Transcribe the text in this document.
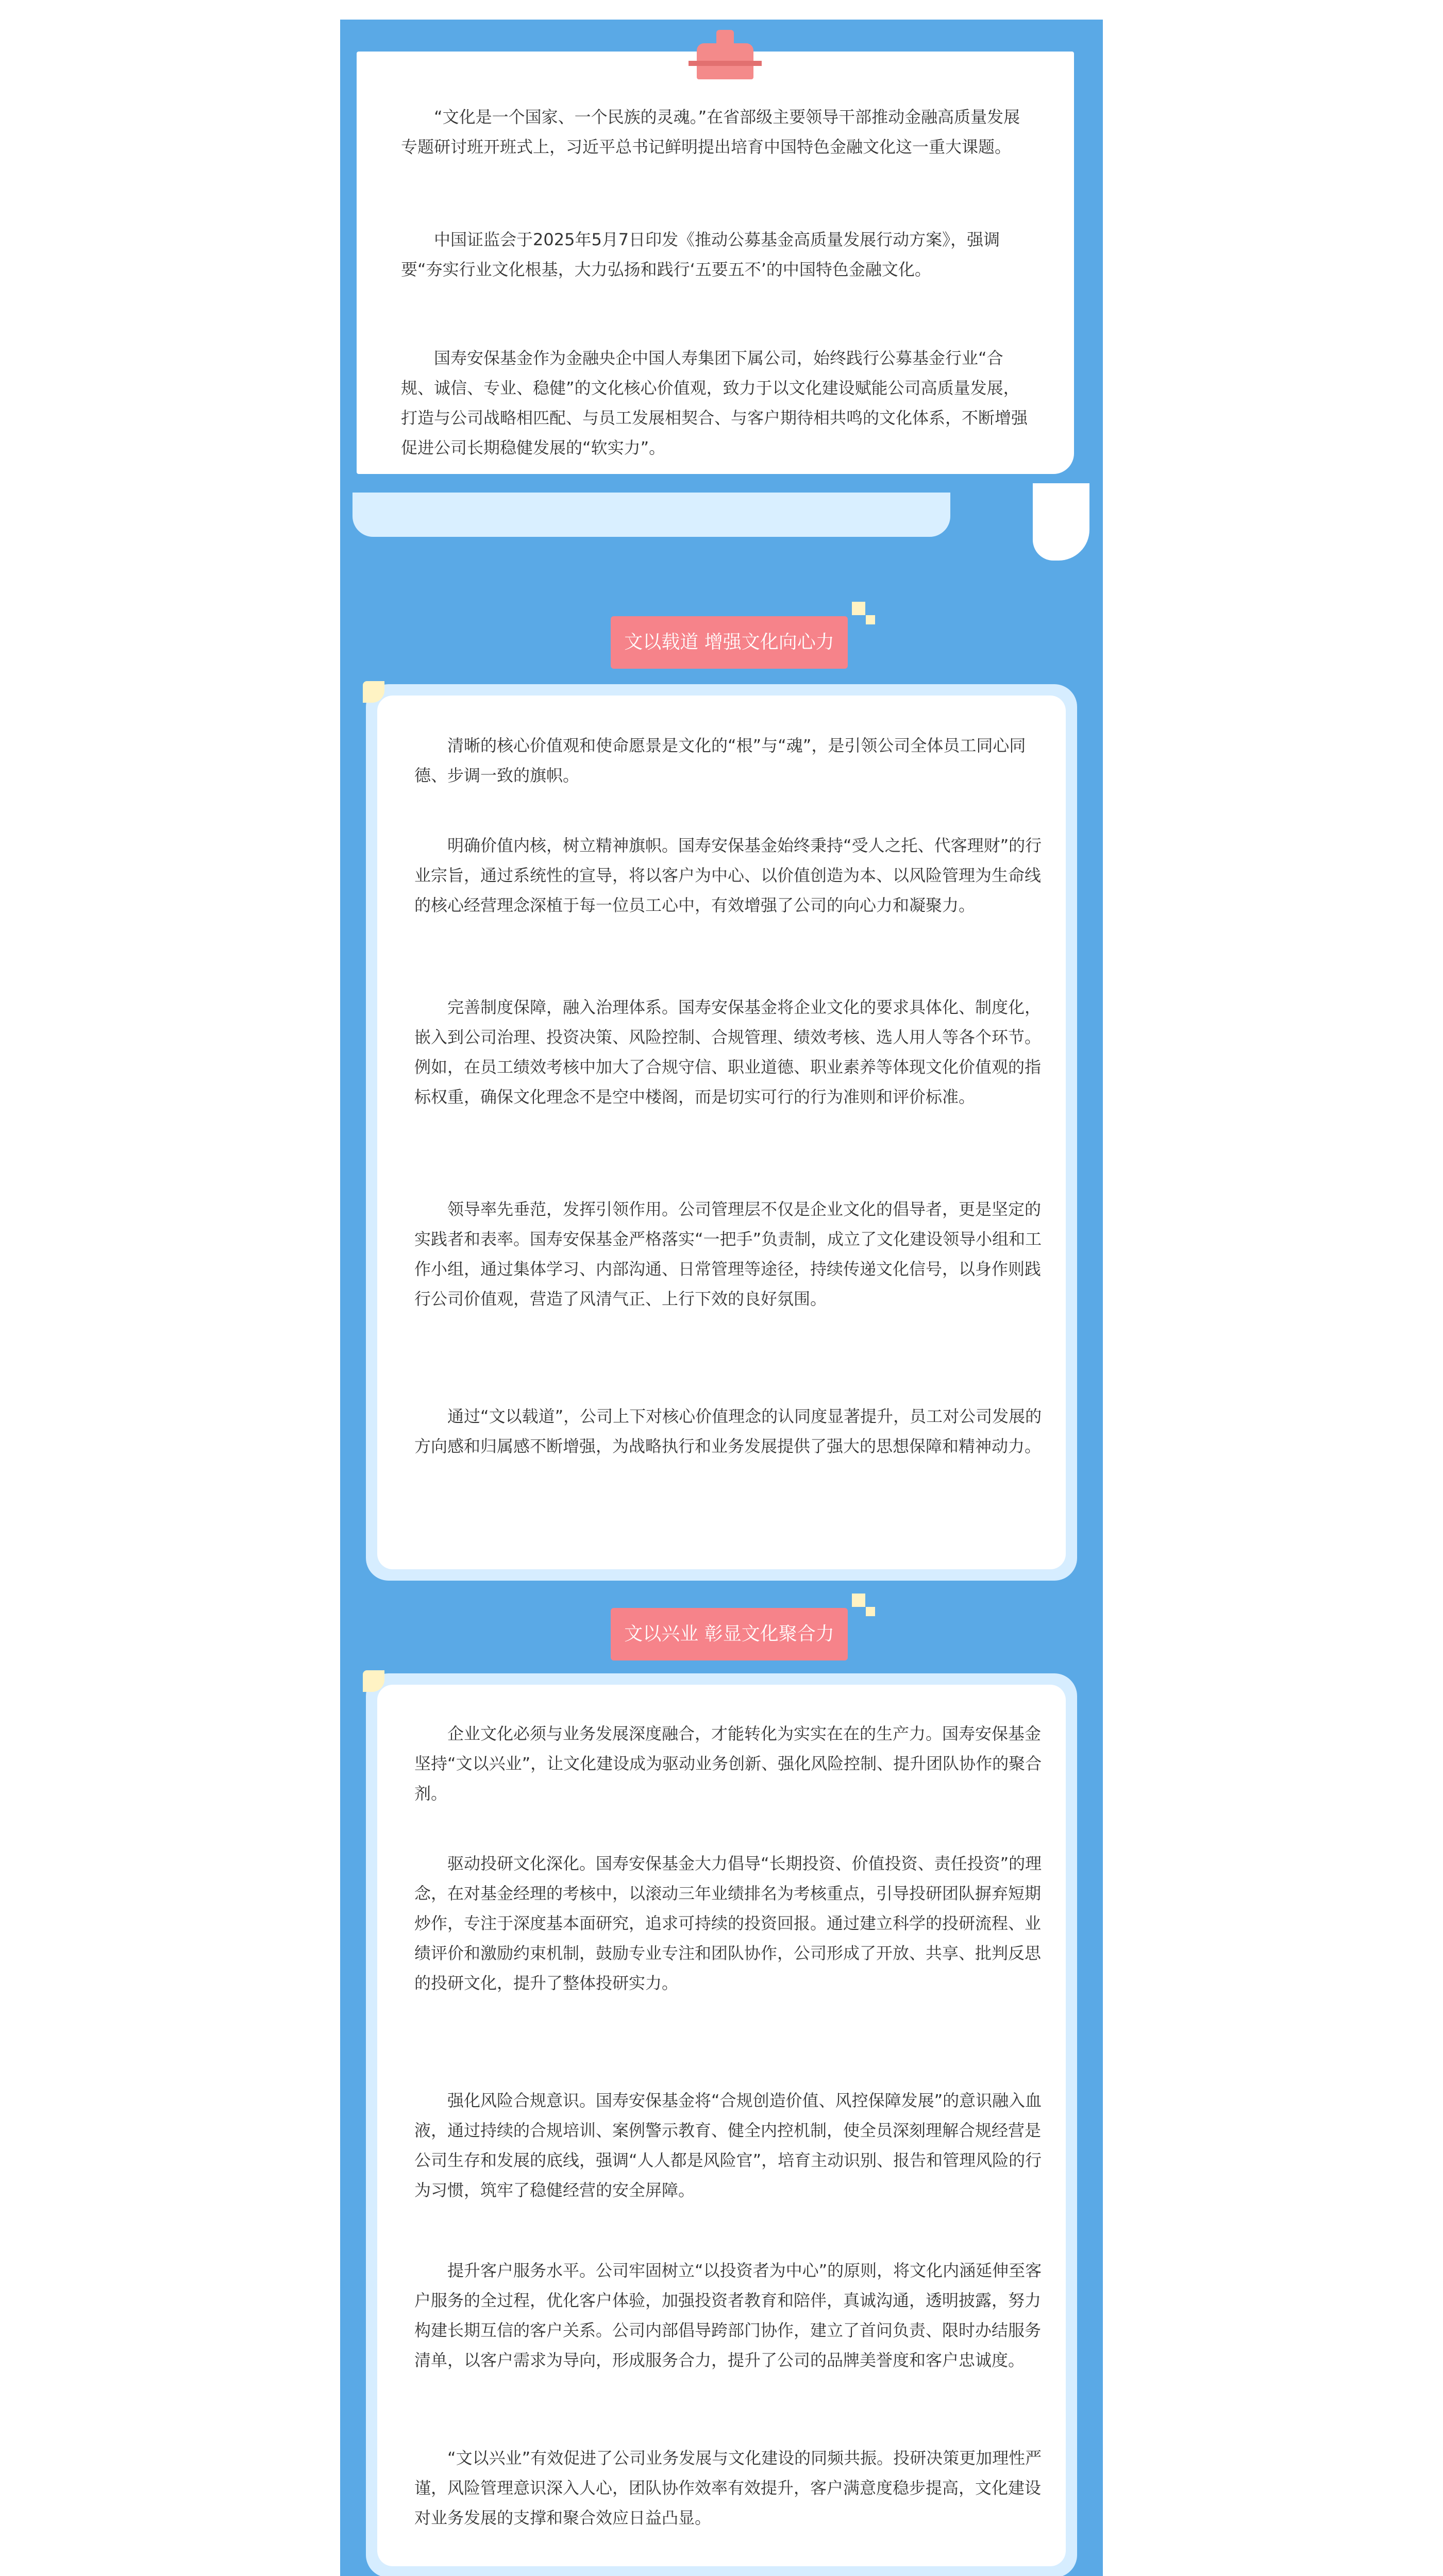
“文化是一个国家、一个民族的灵魂。”在省部级主要领导干部推动金融高质量发展专题研讨班开班式上，习近平总书记鲜明提出培育中国特色金融文化这一重大课题。

中国证监会于2025年5月7日印发《推动公募基金高质量发展行动方案》，强调要“夯实行业文化根基，大力弘扬和践行‘五要五不’的中国特色金融文化。

国寿安保基金作为金融央企中国人寿集团下属公司，始终践行公募基金行业“合规、诚信、专业、稳健”的文化核心价值观，致力于以文化建设赋能公司高质量发展，打造与公司战略相匹配、与员工发展相契合、与客户期待相共鸣的文化体系，不断增强促进公司长期稳健发展的“软实力”。

文以载道 增强文化向心力

清晰的核心价值观和使命愿景是文化的“根”与“魂”，是引领公司全体员工同心同德、步调一致的旗帜。

明确价值内核，树立精神旗帜。国寿安保基金始终秉持“受人之托、代客理财”的行业宗旨，通过系统性的宣导，将以客户为中心、以价值创造为本、以风险管理为生命线的核心经营理念深植于每一位员工心中，有效增强了公司的向心力和凝聚力。

完善制度保障，融入治理体系。国寿安保基金将企业文化的要求具体化、制度化，嵌入到公司治理、投资决策、风险控制、合规管理、绩效考核、选人用人等各个环节。例如，在员工绩效考核中加大了合规守信、职业道德、职业素养等体现文化价值观的指标权重，确保文化理念不是空中楼阁，而是切实可行的行为准则和评价标准。

领导率先垂范，发挥引领作用。公司管理层不仅是企业文化的倡导者，更是坚定的实践者和表率。国寿安保基金严格落实“一把手”负责制，成立了文化建设领导小组和工作小组，通过集体学习、内部沟通、日常管理等途径，持续传递文化信号，以身作则践行公司价值观，营造了风清气正、上行下效的良好氛围。

通过“文以载道”，公司上下对核心价值理念的认同度显著提升，员工对公司发展的方向感和归属感不断增强，为战略执行和业务发展提供了强大的思想保障和精神动力。

文以兴业 彰显文化聚合力

企业文化必须与业务发展深度融合，才能转化为实实在在的生产力。国寿安保基金坚持“文以兴业”，让文化建设成为驱动业务创新、强化风险控制、提升团队协作的聚合剂。

驱动投研文化深化。国寿安保基金大力倡导“长期投资、价值投资、责任投资”的理念，在对基金经理的考核中，以滚动三年业绩排名为考核重点，引导投研团队摒弃短期炒作，专注于深度基本面研究，追求可持续的投资回报。通过建立科学的投研流程、业绩评价和激励约束机制，鼓励专业专注和团队协作，公司形成了开放、共享、批判反思的投研文化，提升了整体投研实力。

强化风险合规意识。国寿安保基金将“合规创造价值、风控保障发展”的意识融入血液，通过持续的合规培训、案例警示教育、健全内控机制，使全员深刻理解合规经营是公司生存和发展的底线，强调“人人都是风险官”，培育主动识别、报告和管理风险的行为习惯，筑牢了稳健经营的安全屏障。

提升客户服务水平。公司牢固树立“以投资者为中心”的原则，将文化内涵延伸至客户服务的全过程，优化客户体验，加强投资者教育和陪伴，真诚沟通，透明披露，努力构建长期互信的客户关系。公司内部倡导跨部门协作，建立了首问负责、限时办结服务清单，以客户需求为导向，形成服务合力，提升了公司的品牌美誉度和客户忠诚度。

“文以兴业”有效促进了公司业务发展与文化建设的同频共振。投研决策更加理性严谨，风险管理意识深入人心，团队协作效率有效提升，客户满意度稳步提高，文化建设对业务发展的支撑和聚合效应日益凸显。
